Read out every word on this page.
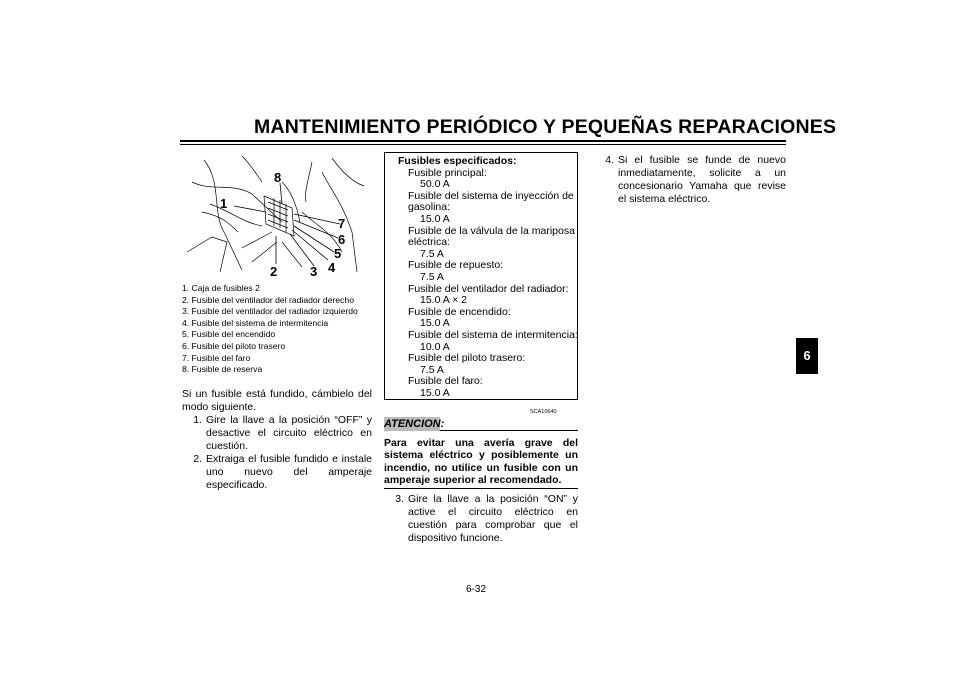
MANTENIMIENTO PERIÓDICO Y PEQUEÑAS REPARACIONES
6
1
2	3 4
5
6
7
8
1. Caja de fusibles 2
2. Fusible del ventilador del radiador derecho
3. Fusible del ventilador del radiador izquierdo
4. Fusible del sistema de intermitencia
5. Fusible del encendido
6. Fusible del piloto trasero
7. Fusible del faro
8. Fusible de reserva
Si un fusible está fundido, cámbielo del modo siguiente.
1. Gire la llave a la posición “OFF” y desactive el circuito eléctrico en cuestión.
2. Extraiga el fusible fundido e instale uno nuevo del amperaje especificado.
Fusibles especificados:
Fusible principal:
50.0 A
Fusible del sistema de inyección de gasolina:
15.0 A
Fusible de la válvula de la mariposa eléctrica:
7.5 A
Fusible de repuesto:
7.5 A
Fusible del ventilador del radiador:
15.0 A × 2
Fusible de encendido:
15.0 A
Fusible del sistema de intermitencia:
10.0 A
Fusible del piloto trasero:
7.5 A
Fusible del faro:
15.0 A
SCA10640
ATENCION:
Para evitar una avería grave del sistema eléctrico y posiblemente un incendio, no utilice un fusible con un amperaje superior al recomendado.
3. Gire la llave a la posición “ON” y active el circuito eléctrico en cuestión para comprobar que el dispositivo funcione.
4. Si el fusible se funde de nuevo inmediatamente, solicite a un concesionario Yamaha que revise el sistema eléctrico.
6-32
